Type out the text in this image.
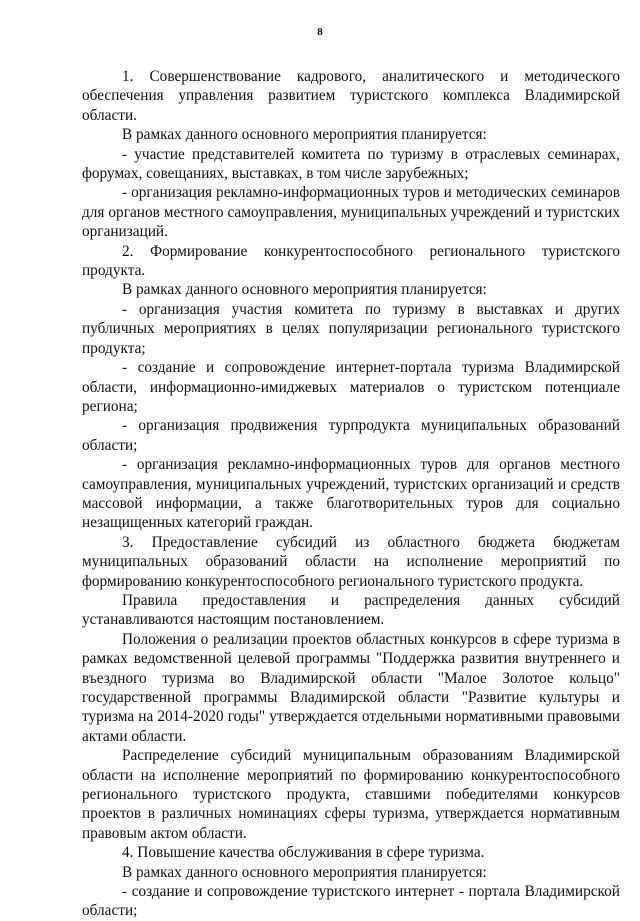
8

1. Совершенствование кадрового, аналитического и методического обеспечения управления развитием туристского комплекса Владимирской области.

В рамках данного основного мероприятия планируется:

- участие представителей комитета по туризму в отраслевых семинарах, форумах, совещаниях, выставках, в том числе зарубежных;

- организация рекламно-информационных туров и методических семинаров для органов местного самоуправления, муниципальных учреждений и туристских организаций.

2. Формирование конкурентоспособного регионального туристского продукта.

В рамках данного основного мероприятия планируется:

- организация участия комитета по туризму в выставках и других публичных мероприятиях в целях популяризации регионального туристского продукта;

- создание и сопровождение интернет-портала туризма Владимирской области, информационно-имиджевых материалов о туристском потенциале региона;

- организация продвижения турпродукта муниципальных образований области;

- организация рекламно-информационных туров для органов местного самоуправления, муниципальных учреждений, туристских организаций и средств массовой информации, а также благотворительных туров для социально незащищенных категорий граждан.

3. Предоставление субсидий из областного бюджета бюджетам муниципальных образований области на исполнение мероприятий по формированию конкурентоспособного регионального туристского продукта.

Правила предоставления и распределения данных субсидий устанавливаются настоящим постановлением.

Положения о реализации проектов областных конкурсов в сфере туризма в рамках ведомственной целевой программы "Поддержка развития внутреннего и въездного туризма во Владимирской области "Малое Золотое кольцо" государственной программы Владимирской области "Развитие культуры и туризма на 2014-2020 годы" утверждается отдельными нормативными правовыми актами области.

Распределение субсидий муниципальным образованиям Владимирской области на исполнение мероприятий по формированию конкурентоспособного регионального туристского продукта, ставшими победителями конкурсов проектов в различных номинациях сферы туризма, утверждается нормативным правовым актом области.

4. Повышение качества обслуживания в сфере туризма.

В рамках данного основного мероприятия планируется:

- создание и сопровождение туристского интернет - портала Владимирской области;
